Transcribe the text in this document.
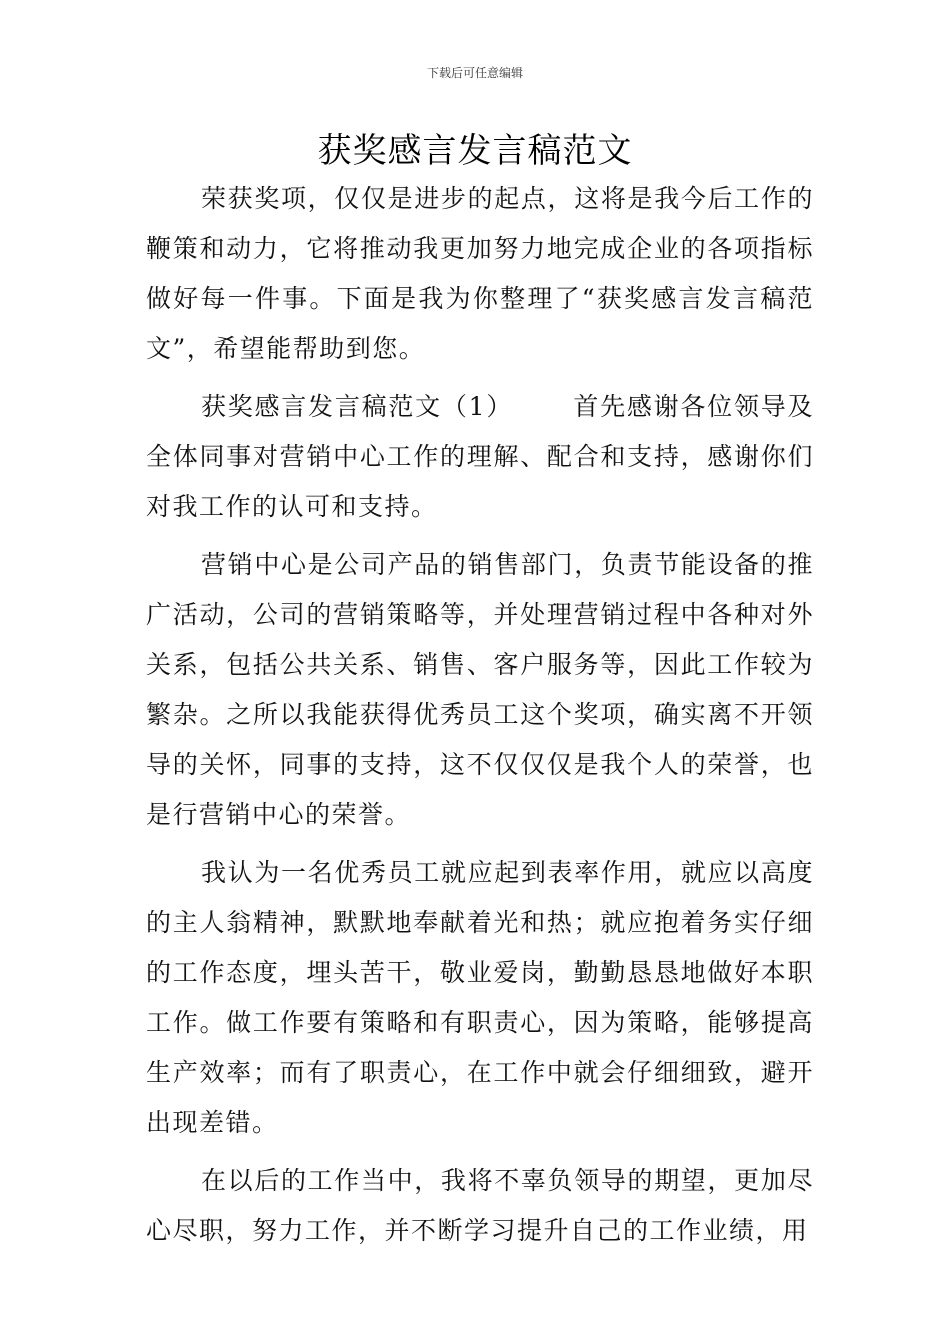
下载后可任意编辑
获奖感言发言稿范文

荣获奖项，仅仅是进步的起点，这将是我今后工作的鞭策和动力，它将推动我更加努力地完成企业的各项指标做好每一件事。下面是我为你整理了“获奖感言发言稿范文”，希望能帮助到您。

获奖感言发言稿范文（1） 首先感谢各位领导及全体同事对营销中心工作的理解、配合和支持，感谢你们对我工作的认可和支持。

营销中心是公司产品的销售部门，负责节能设备的推广活动，公司的营销策略等，并处理营销过程中各种对外关系，包括公共关系、销售、客户服务等，因此工作较为繁杂。之所以我能获得优秀员工这个奖项，确实离不开领导的关怀，同事的支持，这不仅仅仅是我个人的荣誉，也是行营销中心的荣誉。

我认为一名优秀员工就应起到表率作用，就应以高度的主人翁精神，默默地奉献着光和热；就应抱着务实仔细的工作态度，埋头苦干，敬业爱岗，勤勤恳恳地做好本职工作。做工作要有策略和有职责心，因为策略，能够提高生产效率；而有了职责心，在工作中就会仔细细致，避开出现差错。

在以后的工作当中，我将不辜负领导的期望，更加尽心尽职，努力工作，并不断学习提升自己的工作业绩，用
